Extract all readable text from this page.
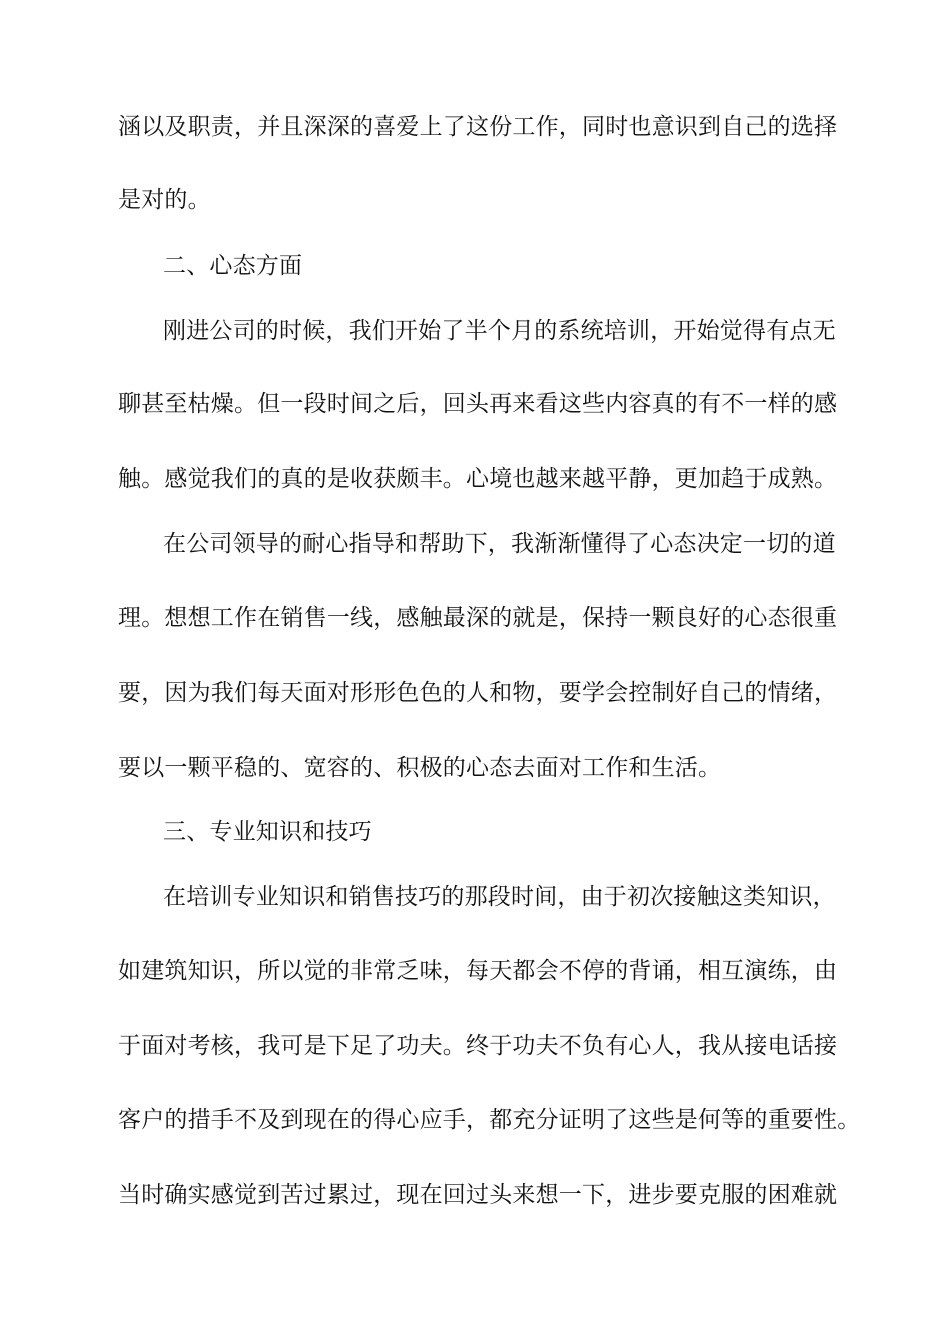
涵以及职责，并且深深的喜爱上了这份工作，同时也意识到自己的选择
是对的。
二、心态方面
刚进公司的时候，我们开始了半个月的系统培训，开始觉得有点无
聊甚至枯燥。但一段时间之后，回头再来看这些内容真的有不一样的感
触。感觉我们的真的是收获颇丰。心境也越来越平静，更加趋于成熟。
在公司领导的耐心指导和帮助下，我渐渐懂得了心态决定一切的道
理。想想工作在销售一线，感触最深的就是，保持一颗良好的心态很重
要，因为我们每天面对形形色色的人和物，要学会控制好自己的情绪，
要以一颗平稳的、宽容的、积极的心态去面对工作和生活。
三、专业知识和技巧
在培训专业知识和销售技巧的那段时间，由于初次接触这类知识，
如建筑知识，所以觉的非常乏味，每天都会不停的背诵，相互演练，由
于面对考核，我可是下足了功夫。终于功夫不负有心人，我从接电话接
客户的措手不及到现在的得心应手，都充分证明了这些是何等的重要性。
当时确实感觉到苦过累过，现在回过头来想一下，进步要克服的困难就
